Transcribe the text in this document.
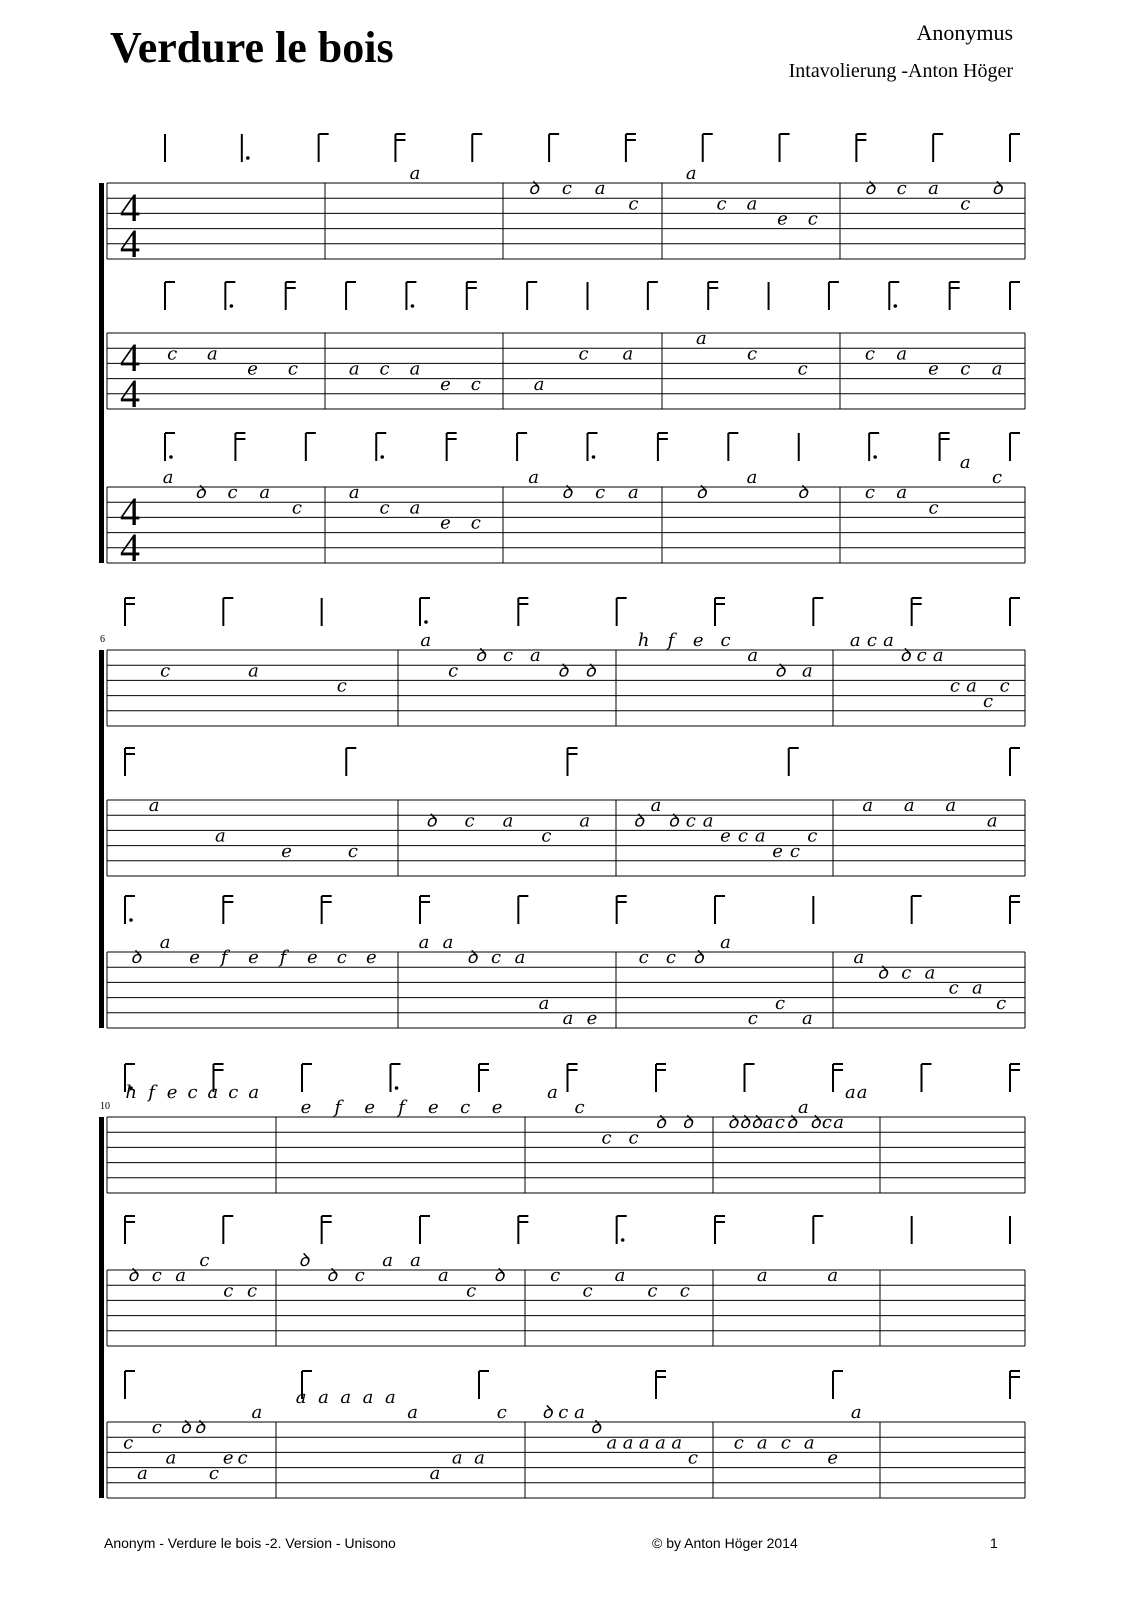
Verdure le bois	Anonymus
Intavolierung -Anton Höger
4
4
a
ꝺ c a
c
a
c a
e c
ꝺ c a
c
ꝺ
4
4
c a
e c	a c a
e c	a
c a
a
c
c
c a
e c a
4
4
a
ꝺ c a
c
a
c a
e c
a
ꝺ c a	ꝺ
a
ꝺ	c a
c
a
c
6
c	a
c
a
c
ꝺ c a
ꝺ ꝺ
h f e c
a
ꝺ a
a c a
ꝺ c a
c a
c
c
a
a
e	c
ꝺ c a
c
a ꝺ
a
ꝺ c a
e c a
e c
c
a a a
a
ꝺ
a
e f e f e c e
a a
ꝺ c a
a
a e
c c ꝺ
a
c
c
a
a
ꝺ c a
c a
c
10
h f e c a c a
e f e f e c e
a
c
c c
ꝺ ꝺ ꝺ ꝺ ꝺ a c ꝺ
a
ꝺ c a
a a
ꝺ c a
c
c c
ꝺ
ꝺ c
a a
a
c
ꝺ	c
c
a
c c
a	a
c
a
c
a
ꝺ ꝺ
c
e c
a
a a a a a
a
a
a a
c ꝺ c a
ꝺ
a a a a a
c
c a c a
e
a
Anonym - Verdure le bois -2. Version - Unisono	© by Anton Höger 2014	1
